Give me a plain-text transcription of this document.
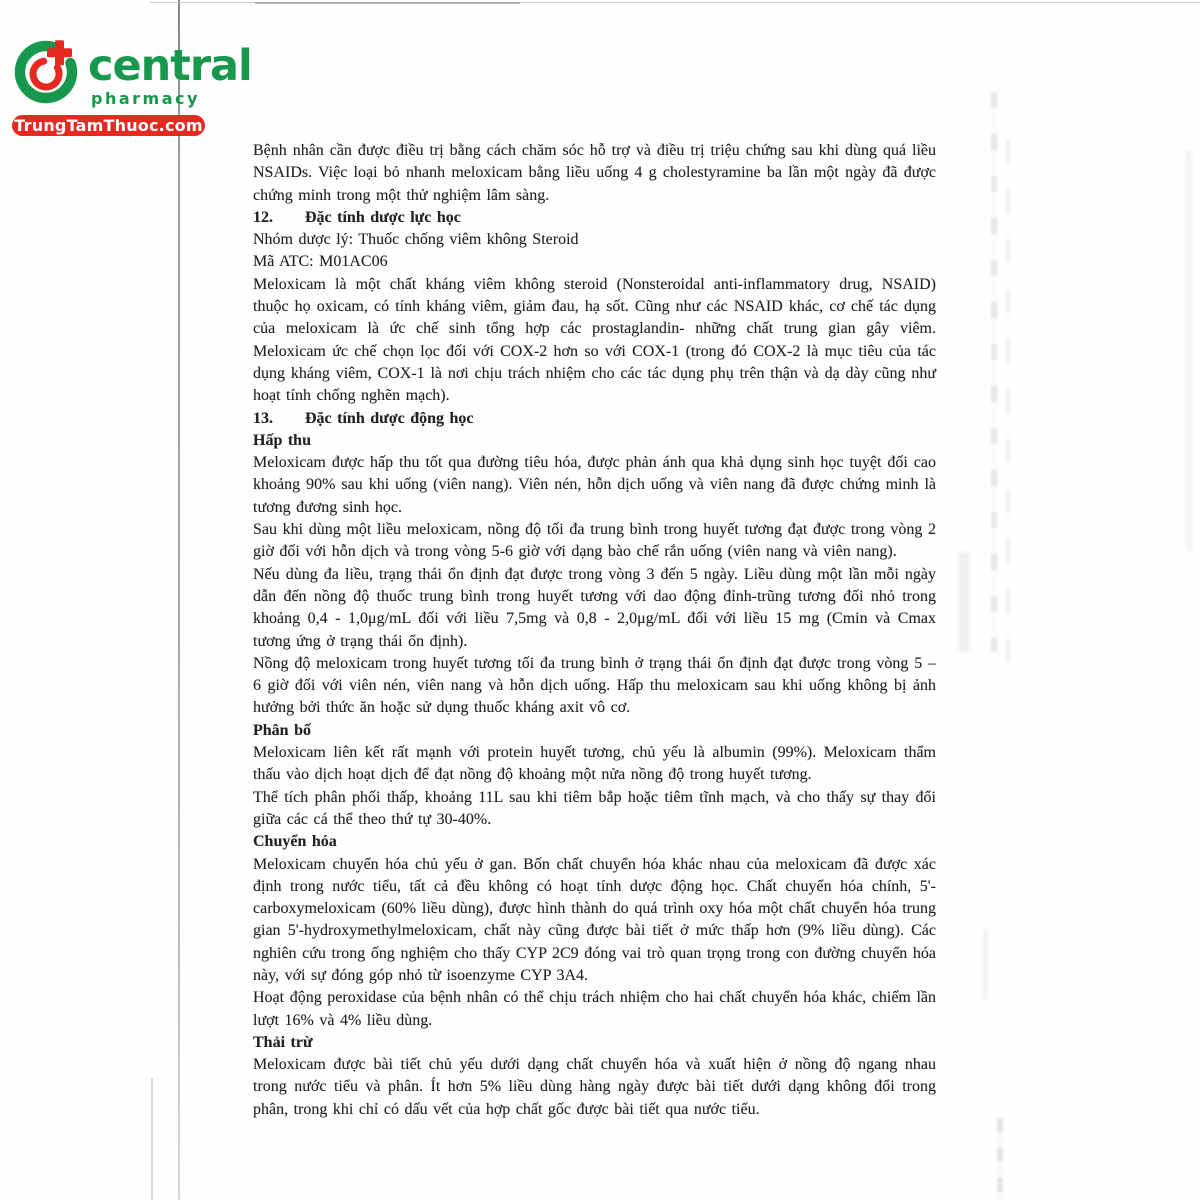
central
pharmacy
TrungTamThuoc.com

Bệnh nhân cần được điều trị bằng cách chăm sóc hỗ trợ và điều trị triệu chứng sau khi dùng quá liều NSAIDs. Việc loại bỏ nhanh meloxicam bằng liều uống 4 g cholestyramine ba lần một ngày đã được chứng minh trong một thử nghiệm lâm sàng.

12. Đặc tính dược lực học

Nhóm dược lý: Thuốc chống viêm không Steroid

Mã ATC: M01AC06

Meloxicam là một chất kháng viêm không steroid (Nonsteroidal anti-inflammatory drug, NSAID) thuộc họ oxicam, có tính kháng viêm, giảm đau, hạ sốt. Cũng như các NSAID khác, cơ chế tác dụng của meloxicam là ức chế sinh tổng hợp các prostaglandin- những chất trung gian gây viêm. Meloxicam ức chế chọn lọc đối với COX-2 hơn so với COX-1 (trong đó COX-2 là mục tiêu của tác dụng kháng viêm, COX-1 là nơi chịu trách nhiệm cho các tác dụng phụ trên thận và dạ dày cũng như hoạt tính chống nghẽn mạch).

13. Đặc tính dược động học

Hấp thu

Meloxicam được hấp thu tốt qua đường tiêu hóa, được phản ánh qua khả dụng sinh học tuyệt đối cao khoảng 90% sau khi uống (viên nang). Viên nén, hỗn dịch uống và viên nang đã được chứng minh là tương đương sinh học.

Sau khi dùng một liều meloxicam, nồng độ tối đa trung bình trong huyết tương đạt được trong vòng 2 giờ đối với hỗn dịch và trong vòng 5-6 giờ với dạng bào chế rắn uống (viên nang và viên nang).

Nếu dùng đa liều, trạng thái ổn định đạt được trong vòng 3 đến 5 ngày. Liều dùng một lần mỗi ngày dẫn đến nồng độ thuốc trung bình trong huyết tương với dao động đỉnh-trũng tương đối nhỏ trong khoảng 0,4 - 1,0μg/mL đối với liều 7,5mg và 0,8 - 2,0μg/mL đối với liều 15 mg (Cmin và Cmax tương ứng ở trạng thái ổn định).

Nồng độ meloxicam trong huyết tương tối đa trung bình ở trạng thái ổn định đạt được trong vòng 5 – 6 giờ đối với viên nén, viên nang và hỗn dịch uống. Hấp thu meloxicam sau khi uống không bị ảnh hưởng bởi thức ăn hoặc sử dụng thuốc kháng axit vô cơ.

Phân bố

Meloxicam liên kết rất mạnh với protein huyết tương, chủ yếu là albumin (99%). Meloxicam thẩm thấu vào dịch hoạt dịch để đạt nồng độ khoảng một nửa nồng độ trong huyết tương.

Thể tích phân phối thấp, khoảng 11L sau khi tiêm bắp hoặc tiêm tĩnh mạch, và cho thấy sự thay đổi giữa các cá thể theo thứ tự 30-40%.

Chuyển hóa

Meloxicam chuyển hóa chủ yếu ở gan. Bốn chất chuyển hóa khác nhau của meloxicam đã được xác định trong nước tiểu, tất cả đều không có hoạt tính dược động học. Chất chuyển hóa chính, 5'-carboxymeloxicam (60% liều dùng), được hình thành do quá trình oxy hóa một chất chuyển hóa trung gian 5'-hydroxymethylmeloxicam, chất này cũng được bài tiết ở mức thấp hơn (9% liều dùng). Các nghiên cứu trong ống nghiệm cho thấy CYP 2C9 đóng vai trò quan trọng trong con đường chuyển hóa này, với sự đóng góp nhỏ từ isoenzyme CYP 3A4.

Hoạt động peroxidase của bệnh nhân có thể chịu trách nhiệm cho hai chất chuyển hóa khác, chiếm lần lượt 16% và 4% liều dùng.

Thải trừ

Meloxicam được bài tiết chủ yếu dưới dạng chất chuyển hóa và xuất hiện ở nồng độ ngang nhau trong nước tiểu và phân. Ít hơn 5% liều dùng hàng ngày được bài tiết dưới dạng không đổi trong phân, trong khi chỉ có dấu vết của hợp chất gốc được bài tiết qua nước tiểu.
